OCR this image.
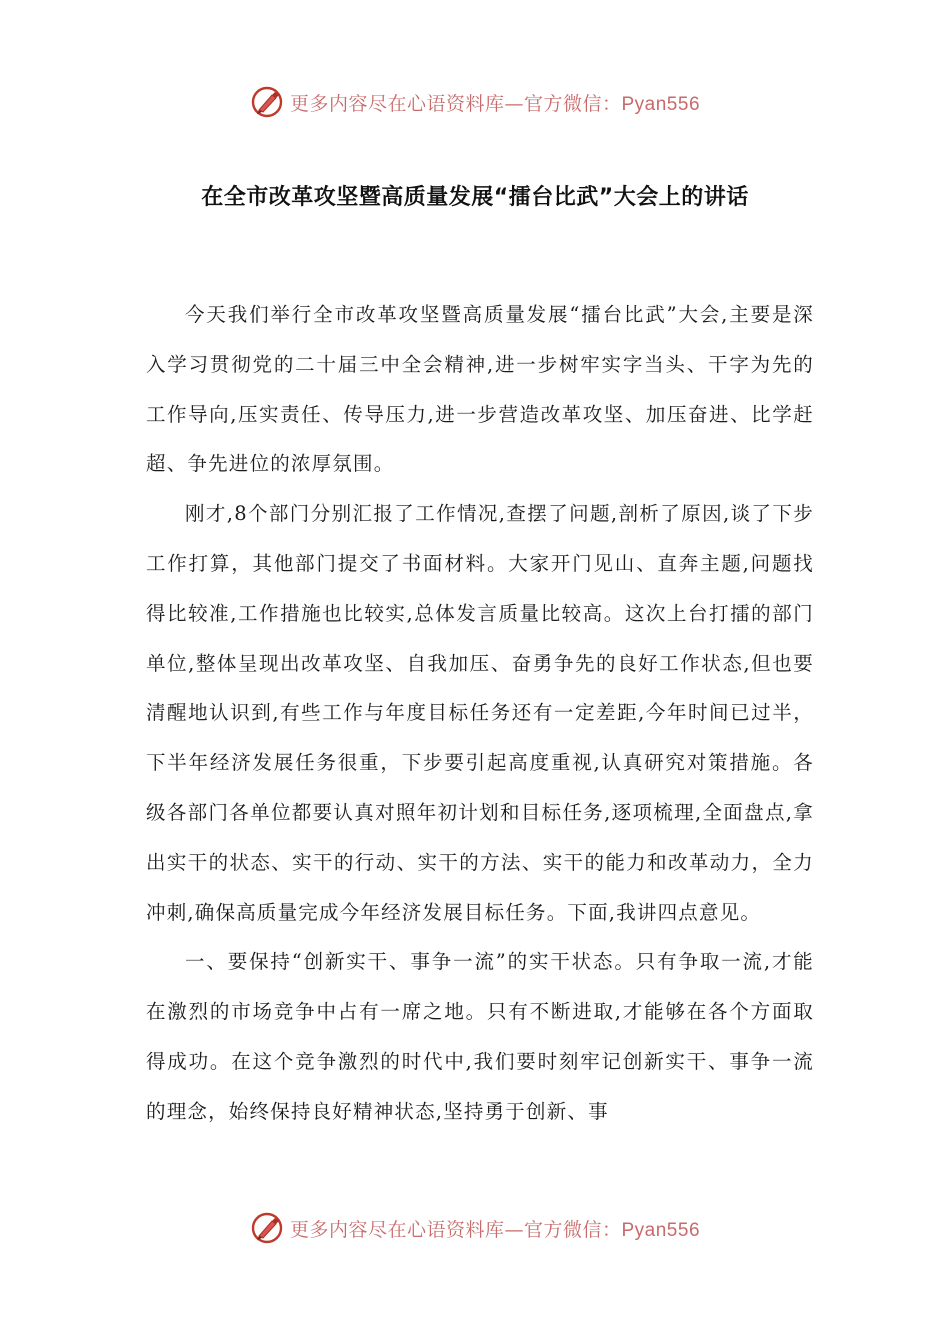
更多内容尽在心语资料库—官方微信：Pyan556
在全市改革攻坚暨高质量发展“擂台比武”大会上的讲话

今天我们举行全市改革攻坚暨高质量发展“擂台比武”大会,主要是深入学习贯彻党的二十届三中全会精神,进一步树牢实字当头、干字为先的工作导向,压实责任、传导压力,进一步营造改革攻坚、加压奋进、比学赶超、争先进位的浓厚氛围。

刚才,8个部门分别汇报了工作情况,查摆了问题,剖析了原因,谈了下步工作打算，其他部门提交了书面材料。大家开门见山、直奔主题,问题找得比较准,工作措施也比较实,总体发言质量比较高。这次上台打擂的部门单位,整体呈现出改革攻坚、自我加压、奋勇争先的良好工作状态,但也要清醒地认识到,有些工作与年度目标任务还有一定差距,今年时间已过半，下半年经济发展任务很重，下步要引起高度重视,认真研究对策措施。各级各部门各单位都要认真对照年初计划和目标任务,逐项梳理,全面盘点,拿出实干的状态、实干的行动、实干的方法、实干的能力和改革动力，全力冲刺,确保高质量完成今年经济发展目标任务。下面,我讲四点意见。

一、要保持“创新实干、事争一流”的实干状态。只有争取一流,才能在激烈的市场竞争中占有一席之地。只有不断进取,才能够在各个方面取得成功。在这个竞争激烈的时代中,我们要时刻牢记创新实干、事争一流的理念，始终保持良好精神状态,坚持勇于创新、事

更多内容尽在心语资料库—官方微信：Pyan556
